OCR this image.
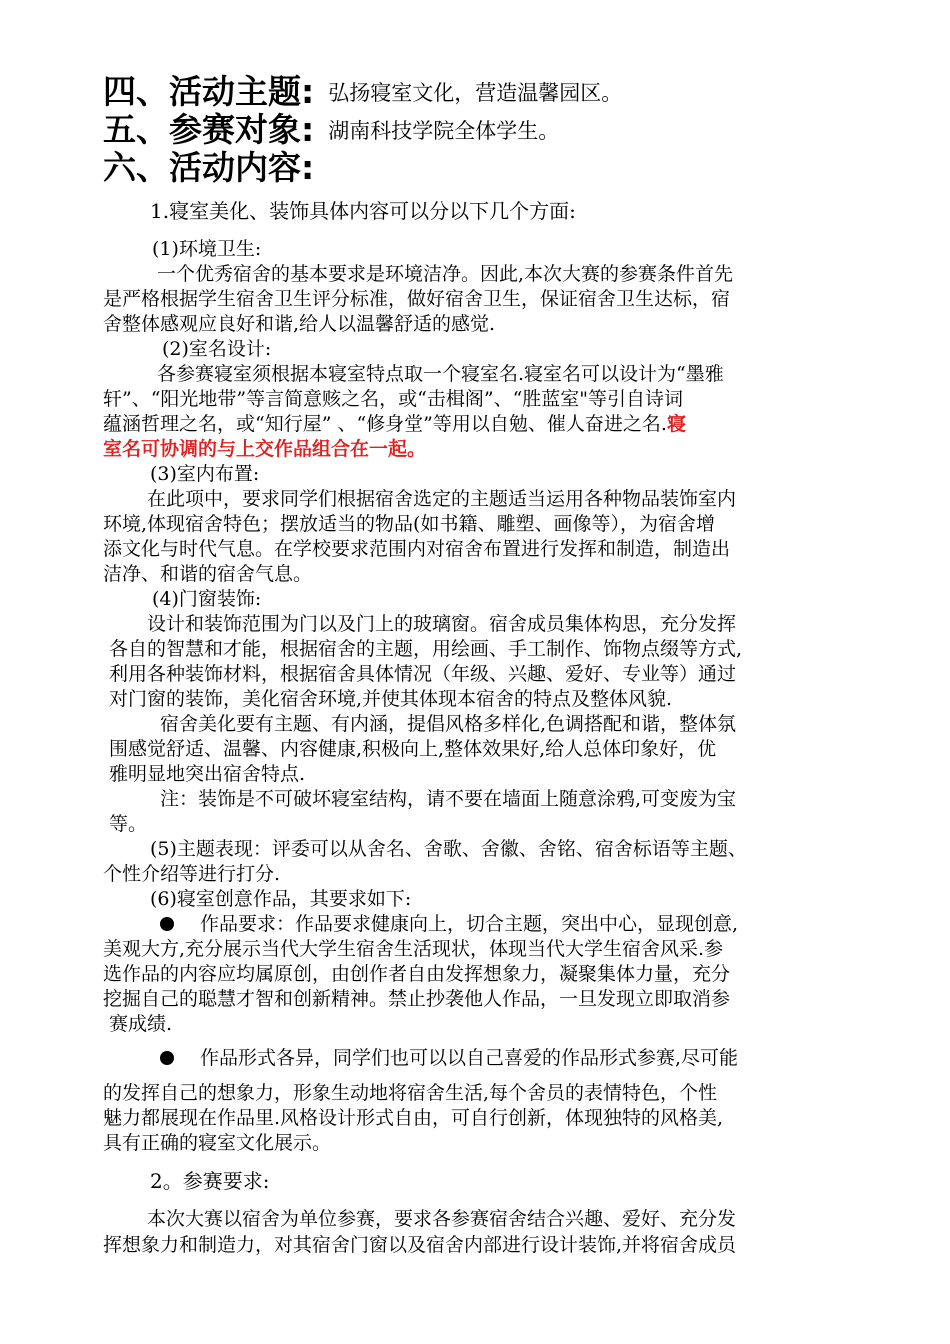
四、活动主题: 弘扬寝室文化，营造温馨园区。
五、参赛对象: 湖南科技学院全体学生。
六、活动内容:
1.寝室美化、装饰具体内容可以分以下几个方面:
(1)环境卫生:
一个优秀宿舍的基本要求是环境洁净。因此,本次大赛的参赛条件首先
是严格根据学生宿舍卫生评分标准，做好宿舍卫生，保证宿舍卫生达标，宿
舍整体感观应良好和谐,给人以温馨舒适的感觉.
(2)室名设计:
各参赛寝室须根据本寝室特点取一个寝室名.寝室名可以设计为“墨雅
轩”、“阳光地带”等言简意赅之名，或“击楫阁”、“胜蓝室"等引自诗词
蕴涵哲理之名，或“知行屋” 、“修身堂”等用以自勉、催人奋进之名.寝
室名可协调的与上交作品组合在一起。
(3)室内布置:
在此项中，要求同学们根据宿舍选定的主题适当运用各种物品装饰室内
环境,体现宿舍特色；摆放适当的物品(如书籍、雕塑、画像等），为宿舍增
添文化与时代气息。在学校要求范围内对宿舍布置进行发挥和制造，制造出
洁净、和谐的宿舍气息。
(4)门窗装饰:
设计和装饰范围为门以及门上的玻璃窗。宿舍成员集体构思，充分发挥
各自的智慧和才能，根据宿舍的主题，用绘画、手工制作、饰物点缀等方式,
利用各种装饰材料，根据宿舍具体情况（年级、兴趣、爱好、专业等）通过
对门窗的装饰，美化宿舍环境,并使其体现本宿舍的特点及整体风貌.
宿舍美化要有主题、有内涵，提倡风格多样化,色调搭配和谐，整体氛
围感觉舒适、温馨、内容健康,积极向上,整体效果好,给人总体印象好，优
雅明显地突出宿舍特点.
注：装饰是不可破坏寝室结构，请不要在墙面上随意涂鸦,可变废为宝
等。
(5)主题表现：评委可以从舍名、舍歌、舍徽、舍铭、宿舍标语等主题、
个性介绍等进行打分.
(6)寝室创意作品，其要求如下:
作品要求：作品要求健康向上，切合主题，突出中心，显现创意,
美观大方,充分展示当代大学生宿舍生活现状，体现当代大学生宿舍风采.参
选作品的内容应均属原创，由创作者自由发挥想象力，凝聚集体力量，充分
挖掘自己的聪慧才智和创新精神。禁止抄袭他人作品，一旦发现立即取消参
赛成绩.
作品形式各异，同学们也可以以自己喜爱的作品形式参赛,尽可能
的发挥自己的想象力，形象生动地将宿舍生活,每个舍员的表情特色，个性
魅力都展现在作品里.风格设计形式自由，可自行创新，体现独特的风格美,
具有正确的寝室文化展示。
2。参赛要求:
本次大赛以宿舍为单位参赛，要求各参赛宿舍结合兴趣、爱好、充分发
挥想象力和制造力，对其宿舍门窗以及宿舍内部进行设计装饰,并将宿舍成员
